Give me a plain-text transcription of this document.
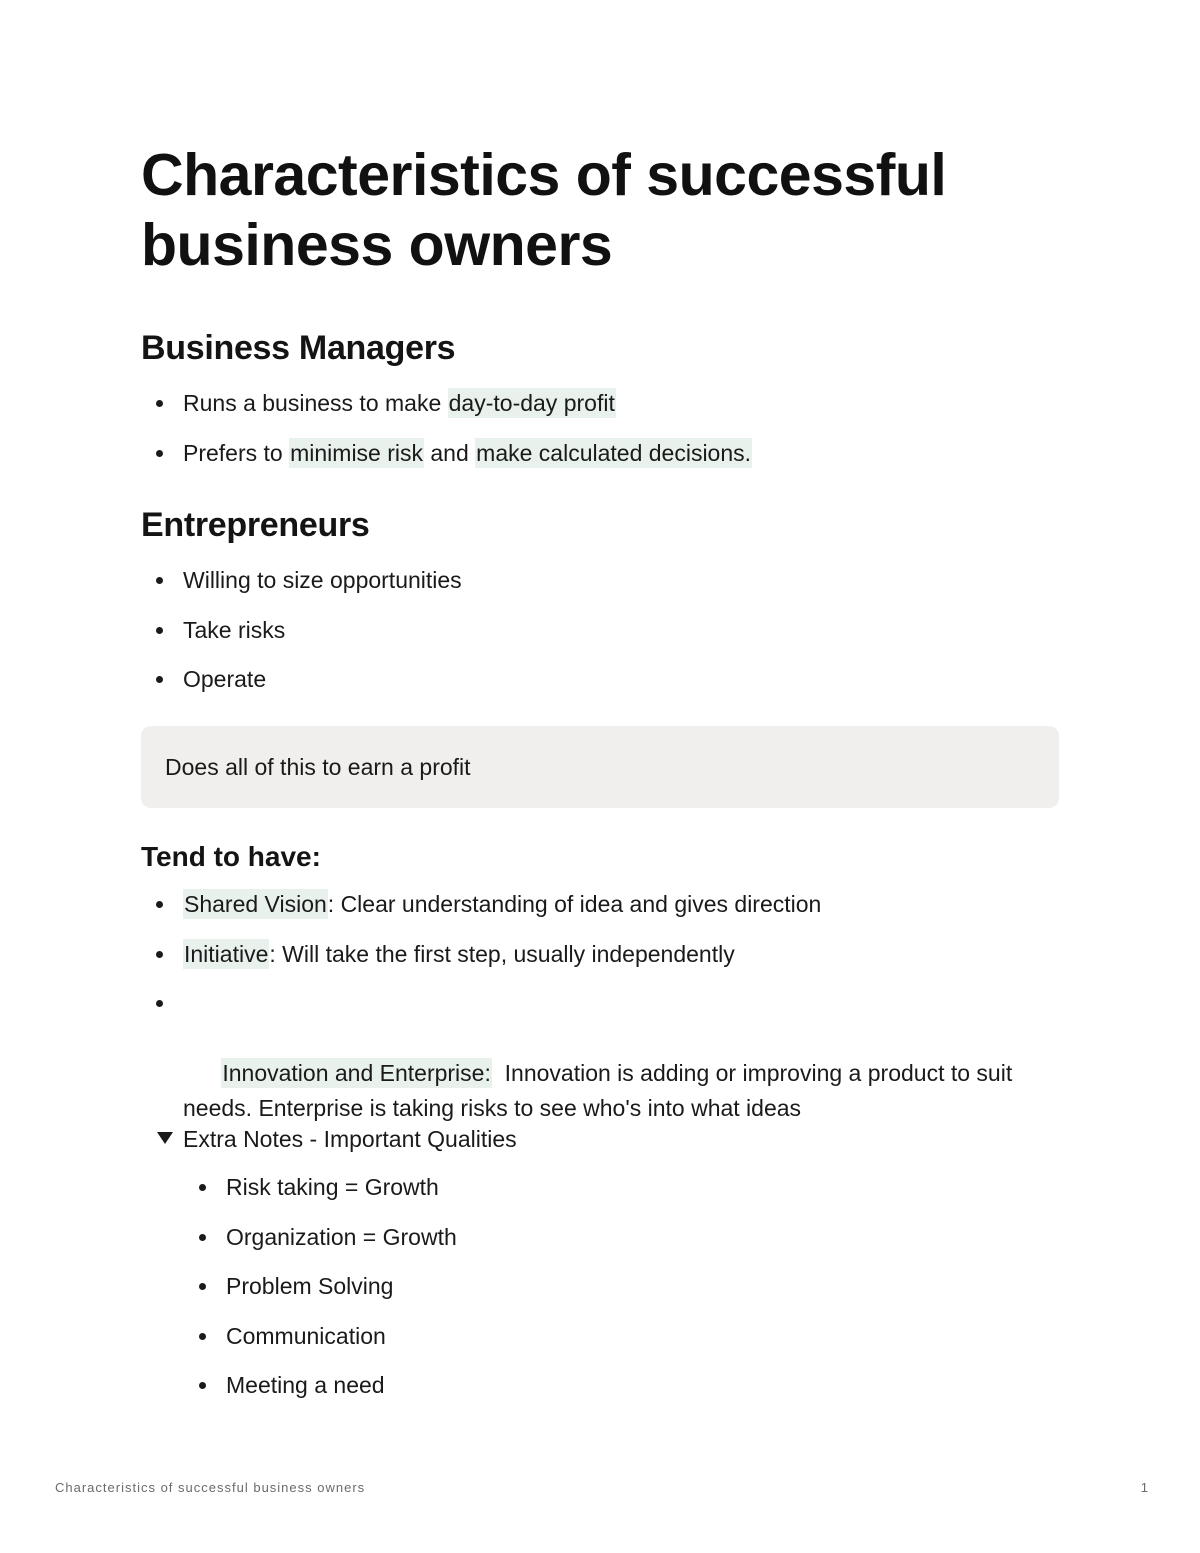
Characteristics of successful
business owners
Business Managers
Runs a business to make day-to-day profit
Prefers to minimise risk and make calculated decisions.
Entrepreneurs
Willing to size opportunities
Take risks
Operate
Does all of this to earn a profit
Tend to have:
Shared Vision: Clear understanding of idea and gives direction
Initiative: Will take the first step, usually independently

Innovation and Enterprise:  Innovation is adding or improving a product to suit needs. Enterprise is taking risks to see who's into what ideas

Extra Notes - Important Qualities
Risk taking = Growth
Organization = Growth
Problem Solving
Communication
Meeting a need
Characteristics of successful business owners	1
